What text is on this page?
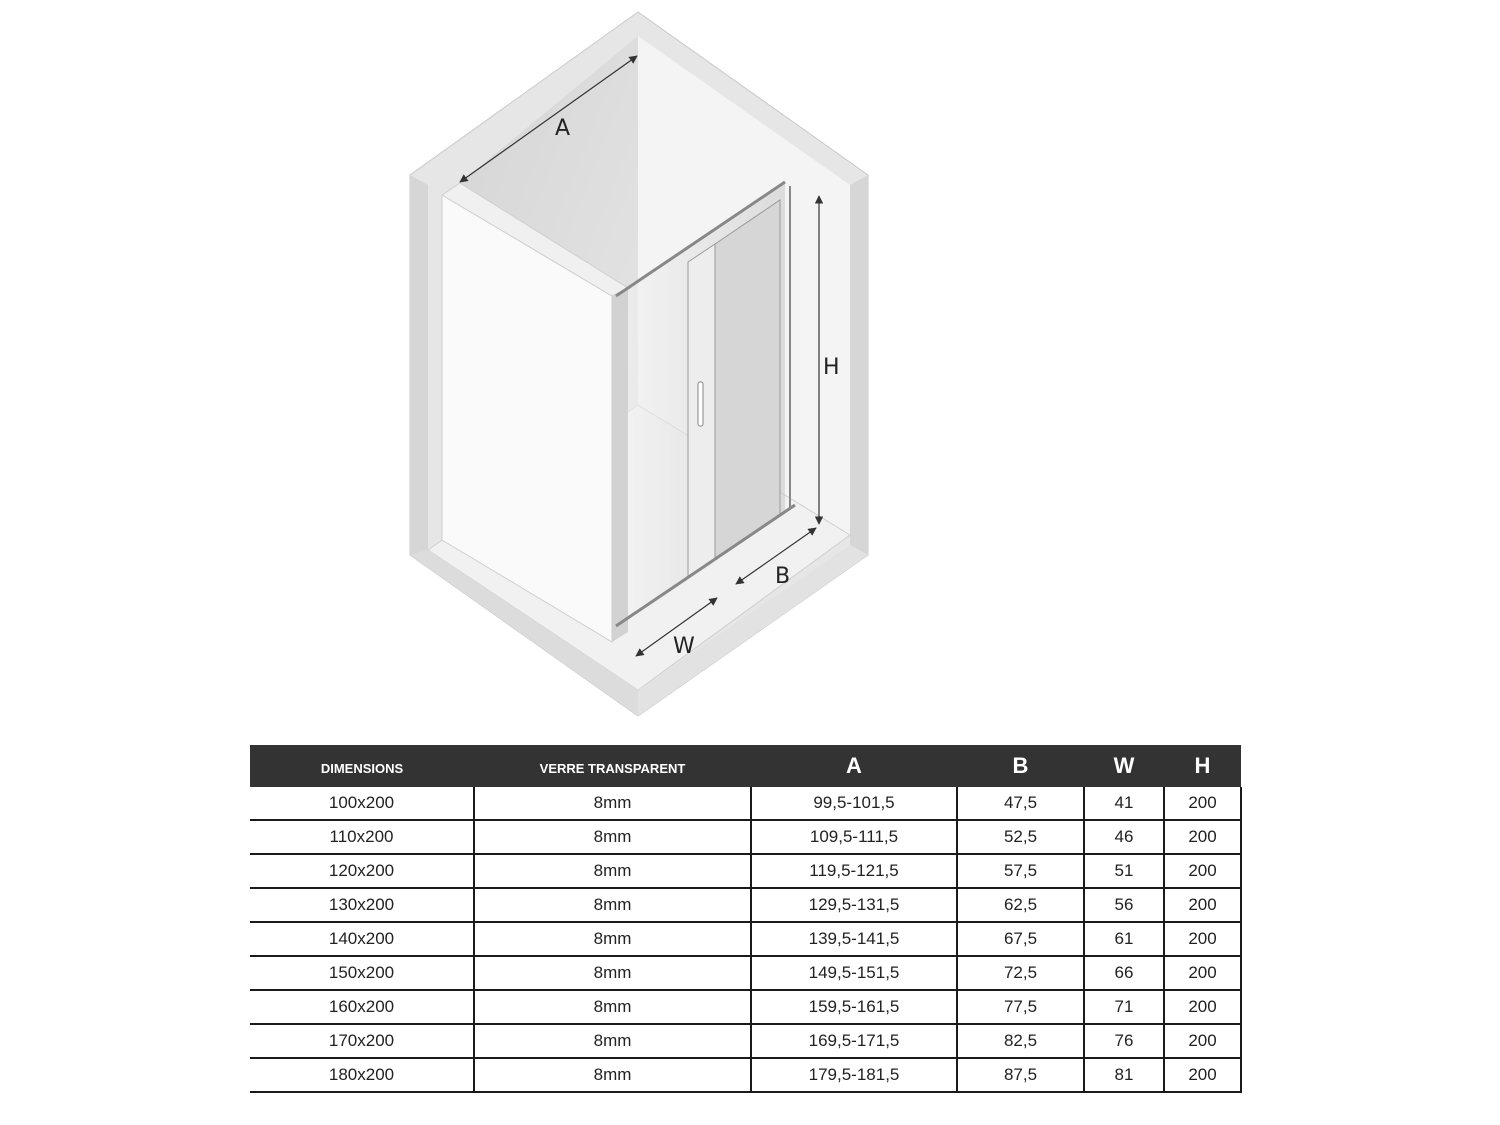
A
H
B
W
DIMENSIONS	VERRE TRANSPARENT	A	B	W	H
100x200	8mm	99,5-101,5	47,5	41	200
110x200	8mm	109,5-111,5	52,5	46	200
120x200	8mm	119,5-121,5	57,5	51	200
130x200	8mm	129,5-131,5	62,5	56	200
140x200	8mm	139,5-141,5	67,5	61	200
150x200	8mm	149,5-151,5	72,5	66	200
160x200	8mm	159,5-161,5	77,5	71	200
170x200	8mm	169,5-171,5	82,5	76	200
180x200	8mm	179,5-181,5	87,5	81	200
